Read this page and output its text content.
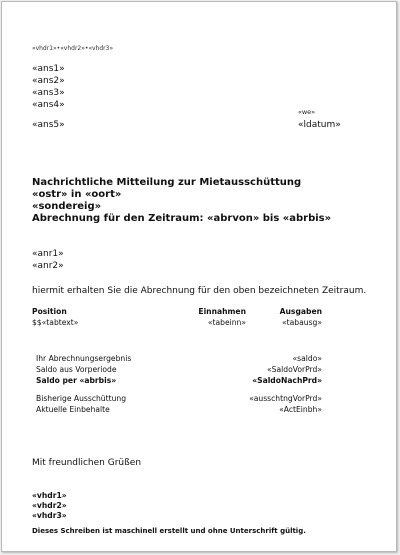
«vhdr1»•«vhdr2»•«vhdr3»
«ans1»
«ans2»
«ans3»
«ans4»
«ans5»
«we»
«ldatum»
Nachrichtliche Mitteilung zur Mietausschüttung
«ostr» in «oort»
«sondereig»
Abrechnung für den Zeitraum: «abrvon» bis «abrbis»
«anr1»
«anr2»
hiermit erhalten Sie die Abrechnung für den oben bezeichneten Zeitraum.
Position	Einnahmen	Ausgaben
$$«tabtext»	«tabeinn»	«tabausg»
Ihr Abrechnungsergebnis	«saldo»
Saldo aus Vorperiode	«SaldoVorPrd»
Saldo per «abrbis»	«SaldoNachPrd»
Bisherige Ausschüttung	«ausschtngVorPrd»
Aktuelle Einbehalte	«ActEinbh»
Mit freundlichen Grüßen
«vhdr1»
«vhdr2»
«vhdr3»
Dieses Schreiben ist maschinell erstellt und ohne Unterschrift gültig.
